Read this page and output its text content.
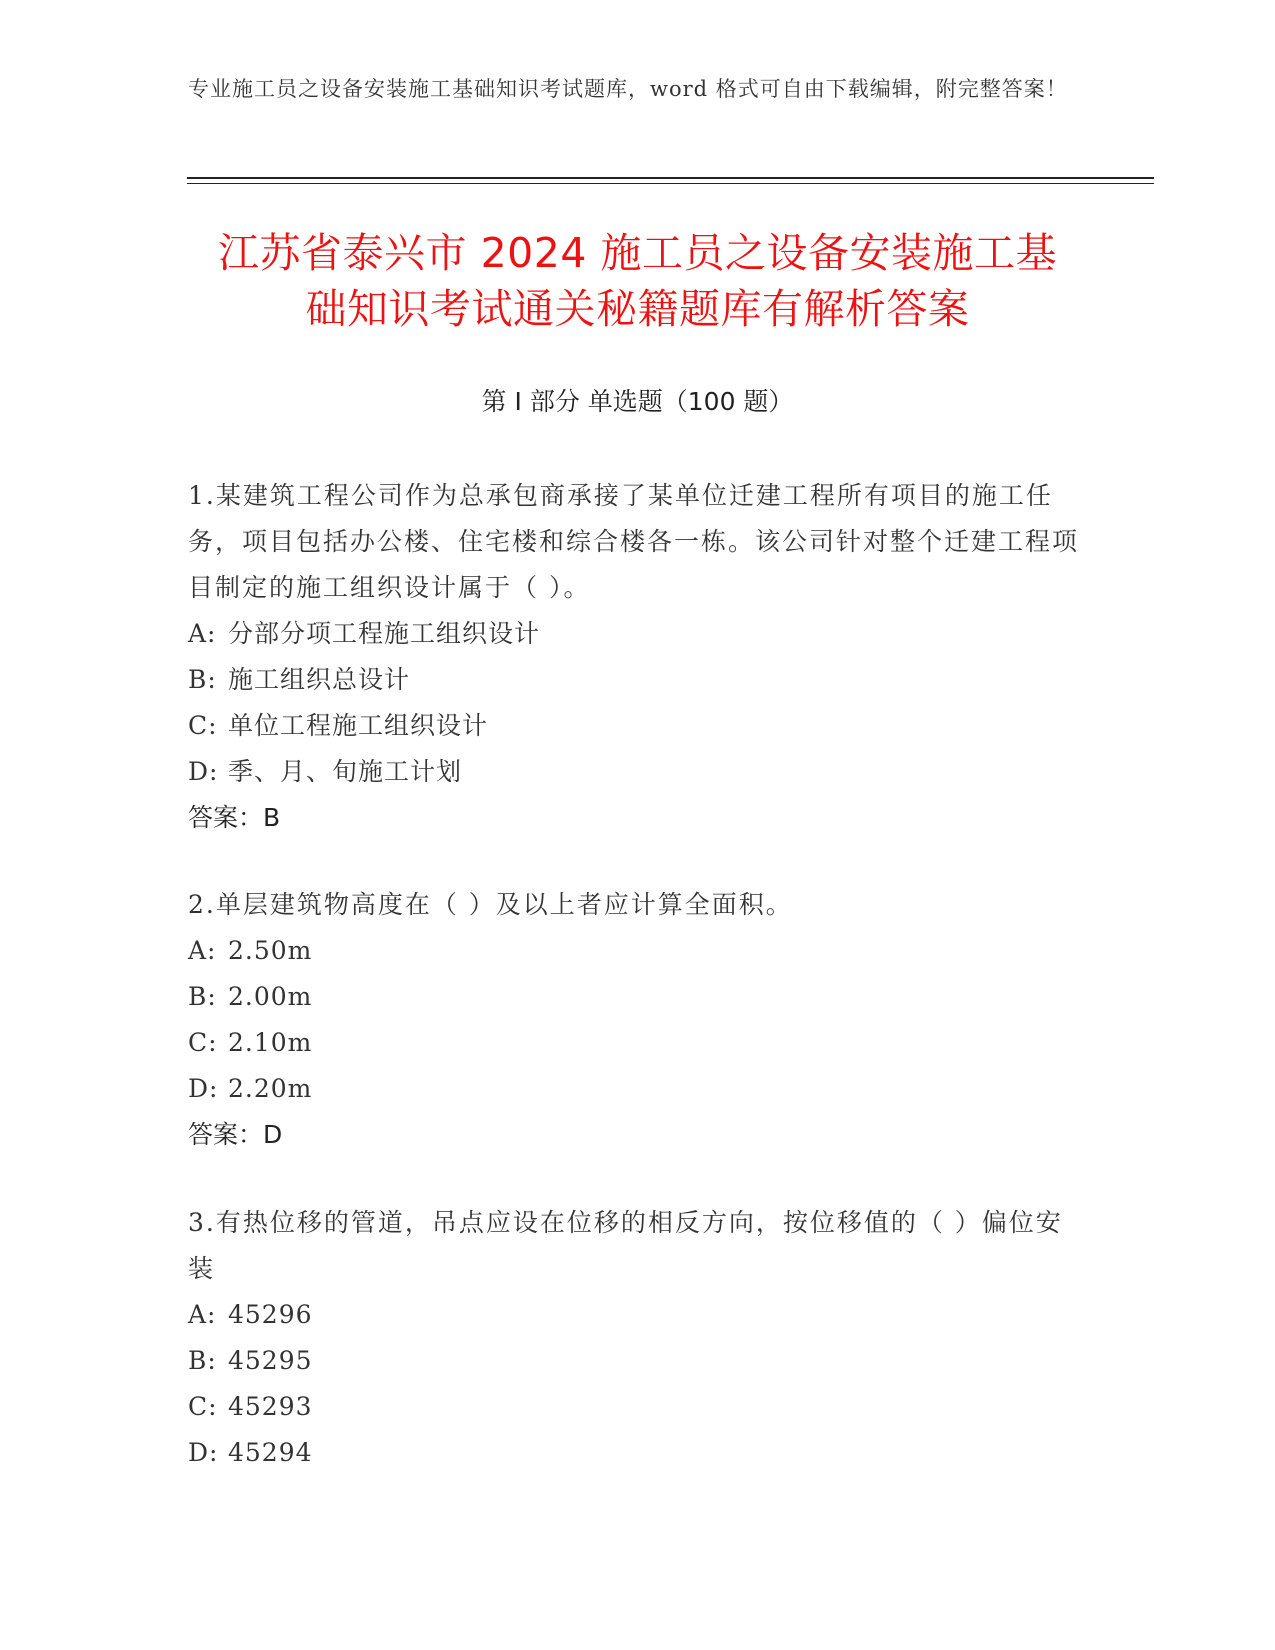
专业施工员之设备安装施工基础知识考试题库，word 格式可自由下载编辑，附完整答案！
江苏省泰兴市 2024 施工员之设备安装施工基
础知识考试通关秘籍题库有解析答案
第 I 部分 单选题（100 题）
1.某建筑工程公司作为总承包商承接了某单位迁建工程所有项目的施工任务，项目包括办公楼、住宅楼和综合楼各一栋。该公司针对整个迁建工程项目制定的施工组织设计属于（ ）。
A: 分部分项工程施工组织设计
B: 施工组织总设计
C: 单位工程施工组织设计
D: 季、月、旬施工计划
答案：B
2.单层建筑物高度在（ ）及以上者应计算全面积。
A: 2.50m
B: 2.00m
C: 2.10m
D: 2.20m
答案：D
3.有热位移的管道，吊点应设在位移的相反方向，按位移值的（ ）偏位安装
A: 45296
B: 45295
C: 45293
D: 45294
